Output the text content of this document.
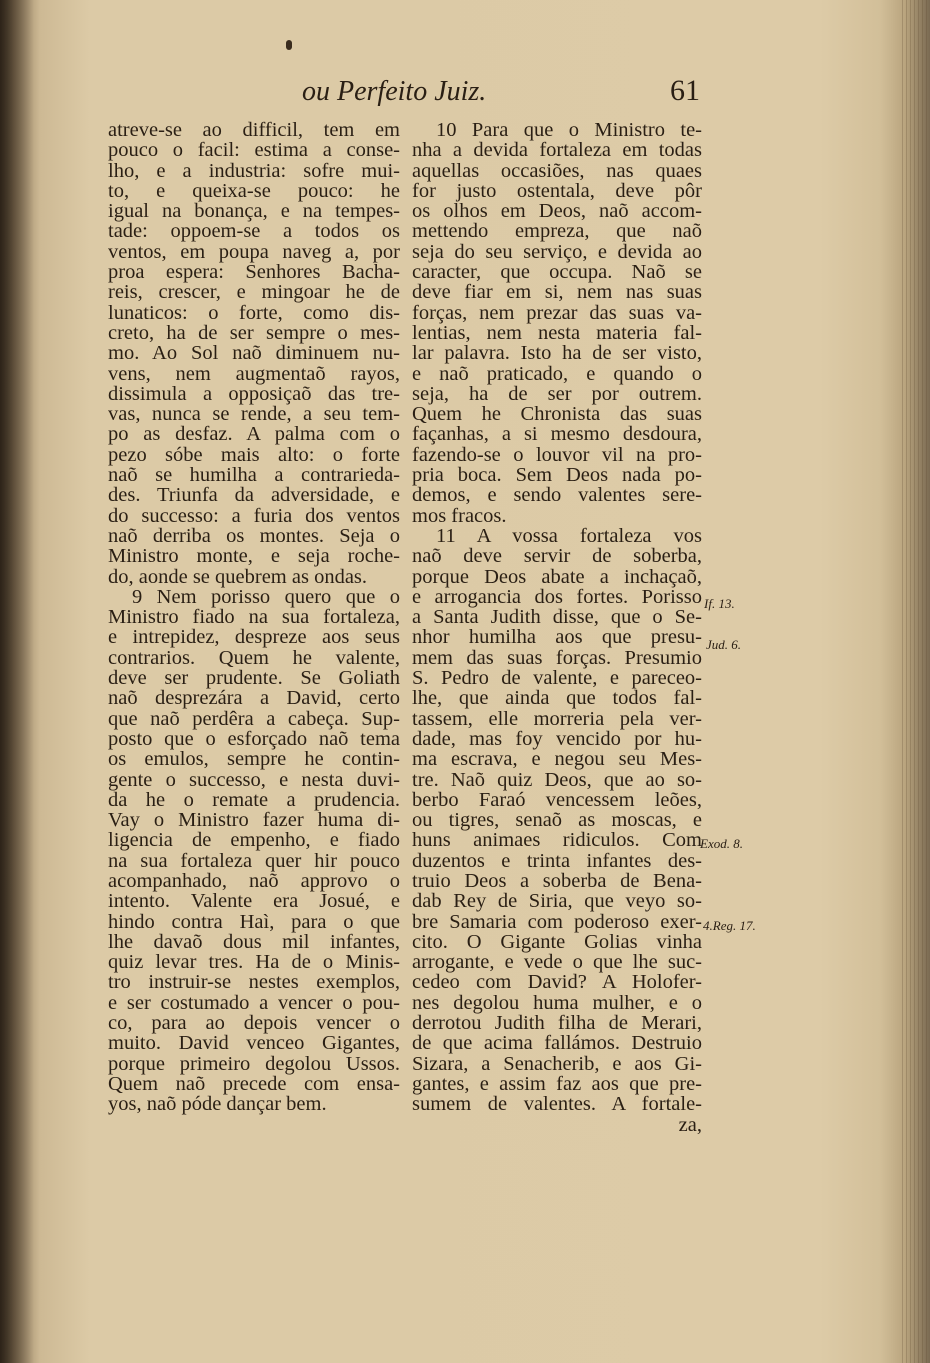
ou Perfeito Juiz.	61
atreve-se ao difficil, tem em
pouco o facil: estima a conse-
lho, e a industria: sofre mui-
to, e queixa-se pouco: he
igual na bonança, e na tempes-
tade: oppoem-se a todos os
ventos, em poupa naveg a, por
proa espera: Senhores Bacha-
reis, crescer, e mingoar he de
lunaticos: o forte, como dis-
creto, ha de ser sempre o mes-
mo. Ao Sol naõ diminuem nu-
vens, nem augmentaõ rayos,
dissimula a opposiçaõ das tre-
vas, nunca se rende, a seu tem-
po as desfaz. A palma com o
pezo sóbe mais alto: o forte
naõ se humilha a contrarieda-
des. Triunfa da adversidade, e
do successo: a furia dos ventos
naõ derriba os montes. Seja o
Ministro monte, e seja roche-
do, aonde se quebrem as ondas.
9 Nem porisso quero que o
Ministro fiado na sua fortaleza,
e intrepidez, despreze aos seus
contrarios. Quem he valente,
deve ser prudente. Se Goliath
naõ desprezára a David, certo
que naõ perdêra a cabeça. Sup-
posto que o esforçado naõ tema
os emulos, sempre he contin-
gente o successo, e nesta duvi-
da he o remate a prudencia.
Vay o Ministro fazer huma di-
ligencia de empenho, e fiado
na sua fortaleza quer hir pouco
acompanhado, naõ approvo o
intento. Valente era Josué, e
hindo contra Haì, para o que
lhe davaõ dous mil infantes,
quiz levar tres. Ha de o Minis-
tro instruir-se nestes exemplos,
e ser costumado a vencer o pou-
co, para ao depois vencer o
muito. David venceo Gigantes,
porque primeiro degolou Ussos.
Quem naõ precede com ensa-
yos, naõ póde dançar bem.
10 Para que o Ministro te-
nha a devida fortaleza em todas
aquellas occasiões, nas quaes
for justo ostentala, deve pôr
os olhos em Deos, naõ accom-
mettendo empreza, que naõ
seja do seu serviço, e devida ao
caracter, que occupa. Naõ se
deve fiar em si, nem nas suas
forças, nem prezar das suas va-
lentias, nem nesta materia fal-
lar palavra. Isto ha de ser visto,
e naõ praticado, e quando o
seja, ha de ser por outrem.
Quem he Chronista das suas
façanhas, a si mesmo desdoura,
fazendo-se o louvor vil na pro-
pria boca. Sem Deos nada po-
demos, e sendo valentes sere-
mos fracos.
11 A vossa fortaleza vos
naõ deve servir de soberba,
porque Deos abate a inchaçaõ,
e arrogancia dos fortes. Porisso
a Santa Judith disse, que o Se-
nhor humilha aos que presu-
mem das suas forças. Presumio
S. Pedro de valente, e pareceo-
lhe, que ainda que todos fal-
tassem, elle morreria pela ver-
dade, mas foy vencido por hu-
ma escrava, e negou seu Mes-
tre. Naõ quiz Deos, que ao so-
berbo Faraó vencessem leões,
ou tigres, senaõ as moscas, e
huns animaes ridiculos. Com
duzentos e trinta infantes des-
truio Deos a soberba de Bena-
dab Rey de Siria, que veyo so-
bre Samaria com poderoso exer-
cito. O Gigante Golias vinha
arrogante, e vede o que lhe suc-
cedeo com David? A Holofer-
nes degolou huma mulher, e o
derrotou Judith filha de Merari,
de que acima fallámos. Destruio
Sizara, a Senacherib, e aos Gi-
gantes, e assim faz aos que pre-
sumem de valentes. A fortale-
za,
If. 13.
Jud. 6.
Exod. 8.
4.Reg. 17.
